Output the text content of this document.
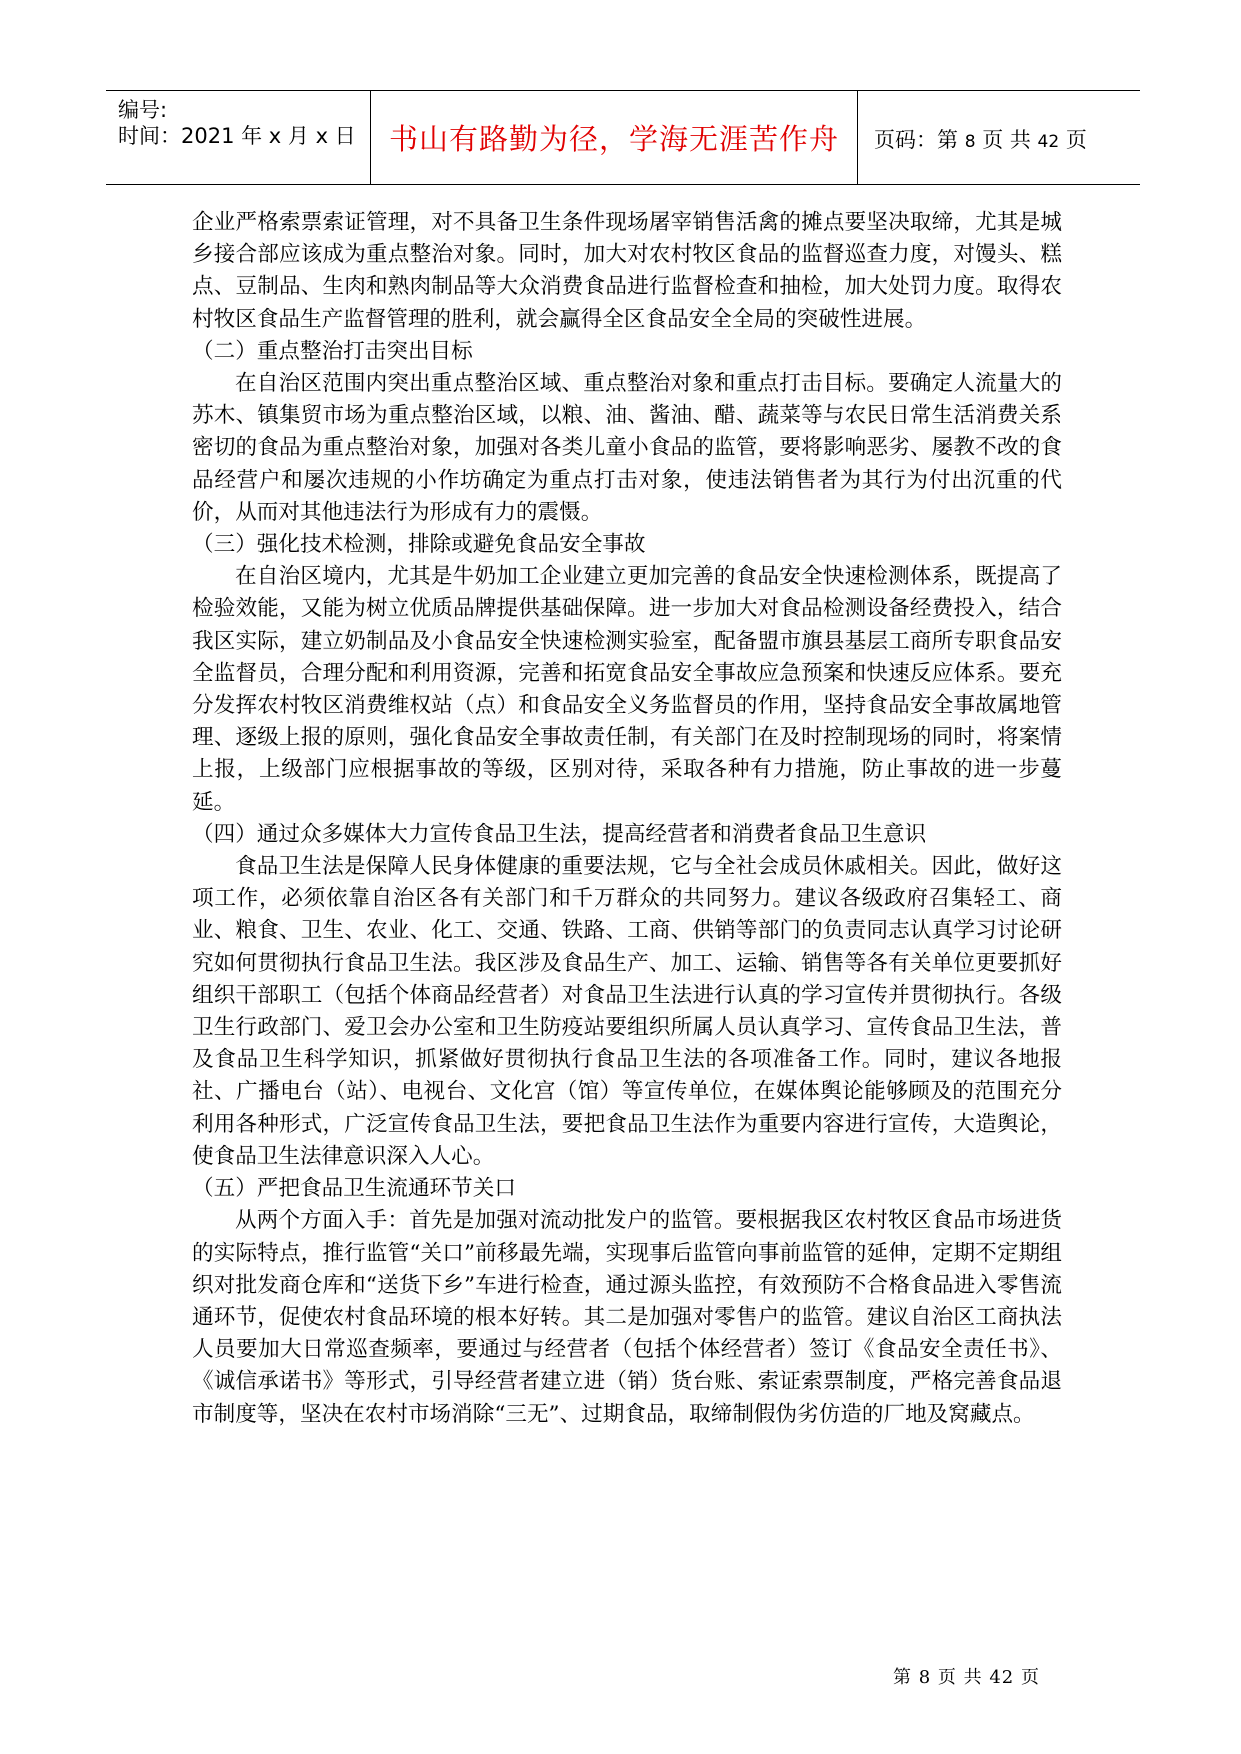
编号:
时间：2021 年 x 月 x 日	书山有路勤为径，学海无涯苦作舟	页码：第 8 页 共 42 页

企业严格索票索证管理，对不具备卫生条件现场屠宰销售活禽的摊点要坚决取缔，尤其是城乡接合部应该成为重点整治对象。同时，加大对农村牧区食品的监督巡查力度，对馒头、糕点、豆制品、生肉和熟肉制品等大众消费食品进行监督检查和抽检，加大处罚力度。取得农村牧区食品生产监督管理的胜利，就会赢得全区食品安全全局的突破性进展。

（二）重点整治打击突出目标

在自治区范围内突出重点整治区域、重点整治对象和重点打击目标。要确定人流量大的苏木、镇集贸市场为重点整治区域，以粮、油、酱油、醋、蔬菜等与农民日常生活消费关系密切的食品为重点整治对象，加强对各类儿童小食品的监管，要将影响恶劣、屡教不改的食品经营户和屡次违规的小作坊确定为重点打击对象，使违法销售者为其行为付出沉重的代价，从而对其他违法行为形成有力的震慑。

（三）强化技术检测，排除或避免食品安全事故

在自治区境内，尤其是牛奶加工企业建立更加完善的食品安全快速检测体系，既提高了检验效能，又能为树立优质品牌提供基础保障。进一步加大对食品检测设备经费投入，结合我区实际，建立奶制品及小食品安全快速检测实验室，配备盟市旗县基层工商所专职食品安全监督员，合理分配和利用资源，完善和拓宽食品安全事故应急预案和快速反应体系。要充分发挥农村牧区消费维权站（点）和食品安全义务监督员的作用，坚持食品安全事故属地管理、逐级上报的原则，强化食品安全事故责任制，有关部门在及时控制现场的同时，将案情上报，上级部门应根据事故的等级，区别对待，采取各种有力措施，防止事故的进一步蔓延。

（四）通过众多媒体大力宣传食品卫生法，提高经营者和消费者食品卫生意识

食品卫生法是保障人民身体健康的重要法规，它与全社会成员休戚相关。因此，做好这项工作，必须依靠自治区各有关部门和千万群众的共同努力。建议各级政府召集轻工、商业、粮食、卫生、农业、化工、交通、铁路、工商、供销等部门的负责同志认真学习讨论研究如何贯彻执行食品卫生法。我区涉及食品生产、加工、运输、销售等各有关单位更要抓好组织干部职工（包括个体商品经营者）对食品卫生法进行认真的学习宣传并贯彻执行。各级卫生行政部门、爱卫会办公室和卫生防疫站要组织所属人员认真学习、宣传食品卫生法，普及食品卫生科学知识，抓紧做好贯彻执行食品卫生法的各项准备工作。同时，建议各地报社、广播电台（站）、电视台、文化宫（馆）等宣传单位，在媒体舆论能够顾及的范围充分利用各种形式，广泛宣传食品卫生法，要把食品卫生法作为重要内容进行宣传，大造舆论，使食品卫生法律意识深入人心。

（五）严把食品卫生流通环节关口

从两个方面入手：首先是加强对流动批发户的监管。要根据我区农村牧区食品市场进货的实际特点，推行监管“关口”前移最先端，实现事后监管向事前监管的延伸，定期不定期组织对批发商仓库和“送货下乡”车进行检查，通过源头监控，有效预防不合格食品进入零售流通环节，促使农村食品环境的根本好转。其二是加强对零售户的监管。建议自治区工商执法人员要加大日常巡查频率，要通过与经营者（包括个体经营者）签订《食品安全责任书》、《诚信承诺书》等形式，引导经营者建立进（销）货台账、索证索票制度，严格完善食品退市制度等，坚决在农村市场消除“三无”、过期食品，取缔制假伪劣仿造的厂地及窝藏点。

第 8 页 共 42 页
